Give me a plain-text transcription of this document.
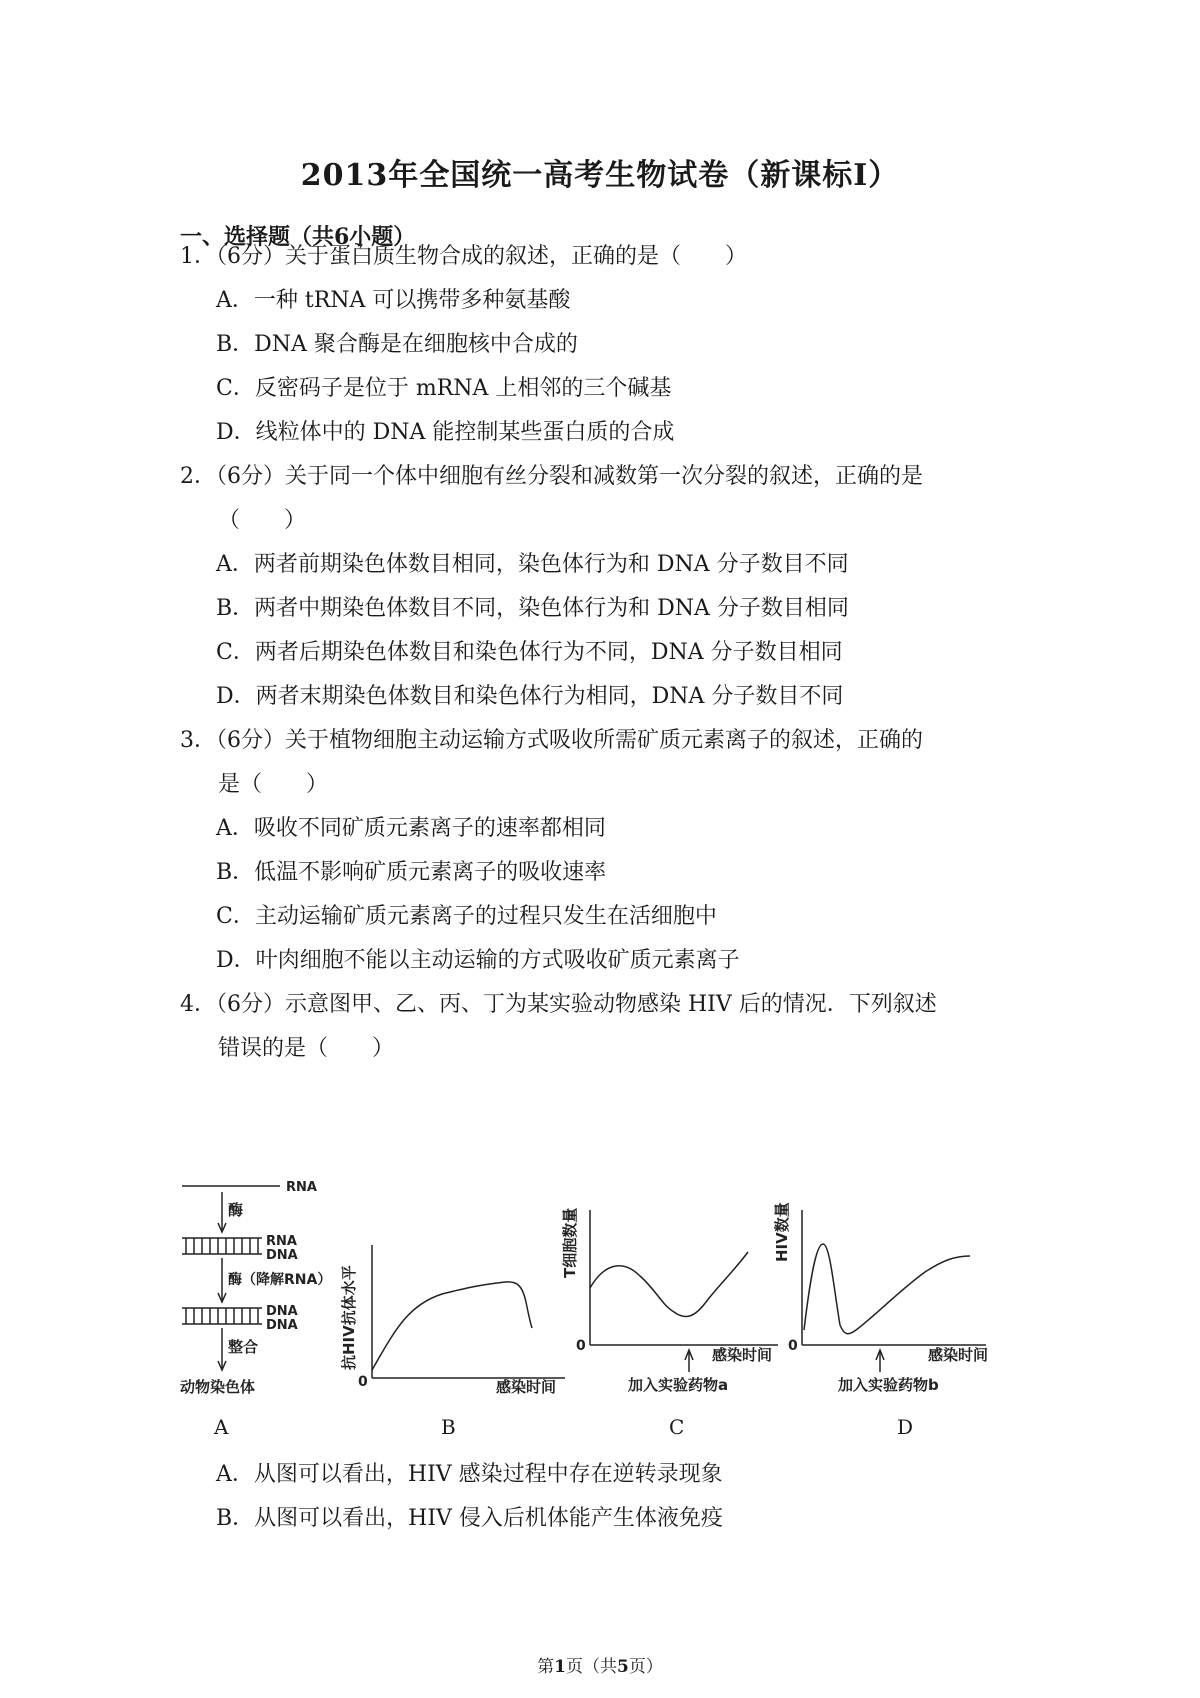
2013年全国统一高考生物试卷（新课标I）
一、选择题（共6小题）
1．（6分）关于蛋白质生物合成的叙述，正确的是（　　）
A．一种 tRNA 可以携带多种氨基酸
B．DNA 聚合酶是在细胞核中合成的
C．反密码子是位于 mRNA 上相邻的三个碱基
D．线粒体中的 DNA 能控制某些蛋白质的合成
2．（6分）关于同一个体中细胞有丝分裂和减数第一次分裂的叙述，正确的是
（　　）
A．两者前期染色体数目相同，染色体行为和 DNA 分子数目不同
B．两者中期染色体数目不同，染色体行为和 DNA 分子数目相同
C．两者后期染色体数目和染色体行为不同，DNA 分子数目相同
D．两者末期染色体数目和染色体行为相同，DNA 分子数目不同
3．（6分）关于植物细胞主动运输方式吸收所需矿质元素离子的叙述，正确的
是（　　）
A．吸收不同矿质元素离子的速率都相同
B．低温不影响矿质元素离子的吸收速率
C．主动运输矿质元素离子的过程只发生在活细胞中
D．叶肉细胞不能以主动运输的方式吸收矿质元素离子
4．（6分）示意图甲、乙、丙、丁为某实验动物感染 HIV 后的情况．下列叙述
错误的是（　　）
RNA
酶
RNA
DNA
酶（降解RNA）
DNA
DNA
整合
动物染色体
抗HIV抗体水平
感染时间
0
T细胞数量
感染时间
0
加入实验药物a
HIV数量
感染时间
0
加入实验药物b
A	B	C	D
A．从图可以看出，HIV 感染过程中存在逆转录现象
B．从图可以看出，HIV 侵入后机体能产生体液免疫
第1页（共5页）
